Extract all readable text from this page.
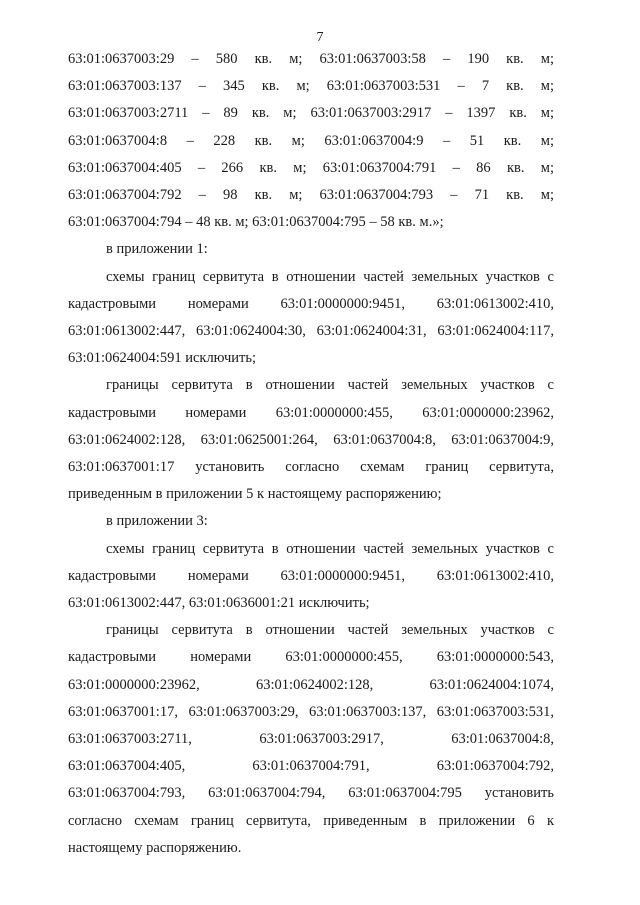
7
63:01:0637003:29 – 580 кв. м; 63:01:0637003:58 – 190 кв. м;
63:01:0637003:137 – 345 кв. м; 63:01:0637003:531 – 7 кв. м;
63:01:0637003:2711 – 89 кв. м; 63:01:0637003:2917 – 1397 кв. м;
63:01:0637004:8 – 228 кв. м; 63:01:0637004:9 – 51 кв. м;
63:01:0637004:405 – 266 кв. м; 63:01:0637004:791 – 86 кв. м;
63:01:0637004:792 – 98 кв. м; 63:01:0637004:793 – 71 кв. м;
63:01:0637004:794 – 48 кв. м; 63:01:0637004:795 – 58 кв. м.»;
в приложении 1:
схемы границ сервитута в отношении частей земельных участков с
кадастровыми номерами 63:01:0000000:9451, 63:01:0613002:410,
63:01:0613002:447, 63:01:0624004:30, 63:01:0624004:31, 63:01:0624004:117,
63:01:0624004:591 исключить;
границы сервитута в отношении частей земельных участков с
кадастровыми номерами 63:01:0000000:455, 63:01:0000000:23962,
63:01:0624002:128, 63:01:0625001:264, 63:01:0637004:8, 63:01:0637004:9,
63:01:0637001:17 установить согласно схемам границ сервитута,
приведенным в приложении 5 к настоящему распоряжению;
в приложении 3:
схемы границ сервитута в отношении частей земельных участков с
кадастровыми номерами 63:01:0000000:9451, 63:01:0613002:410,
63:01:0613002:447, 63:01:0636001:21 исключить;
границы сервитута в отношении частей земельных участков с
кадастровыми номерами 63:01:0000000:455, 63:01:0000000:543,
63:01:0000000:23962, 63:01:0624002:128, 63:01:0624004:1074,
63:01:0637001:17, 63:01:0637003:29, 63:01:0637003:137, 63:01:0637003:531,
63:01:0637003:2711, 63:01:0637003:2917, 63:01:0637004:8,
63:01:0637004:405, 63:01:0637004:791, 63:01:0637004:792,
63:01:0637004:793, 63:01:0637004:794, 63:01:0637004:795 установить
согласно схемам границ сервитута, приведенным в приложении 6 к
настоящему распоряжению.
